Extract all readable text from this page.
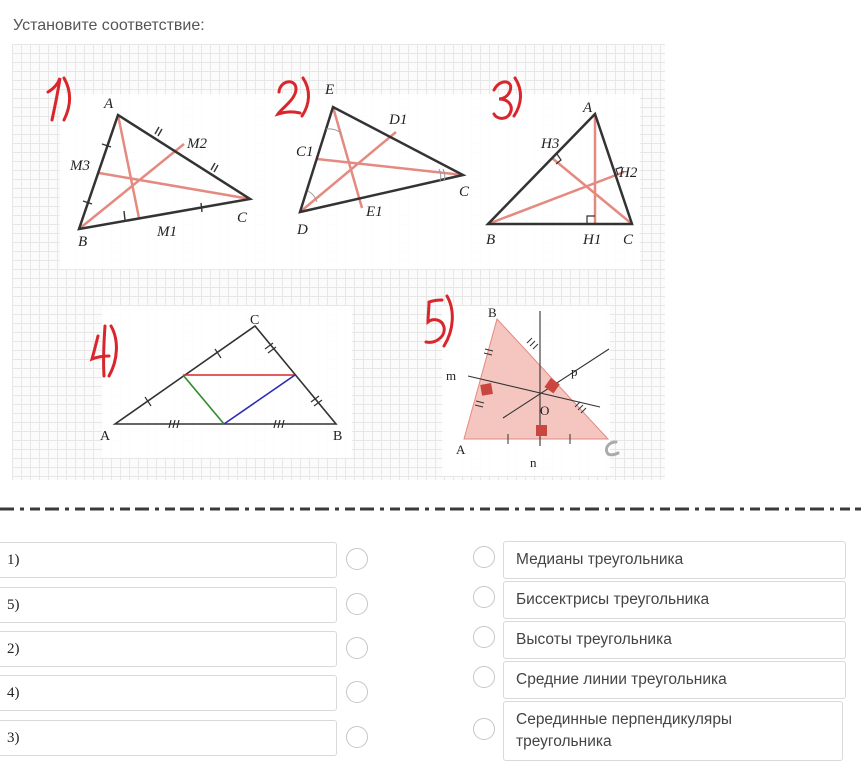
Установите соответствие:
A
M2
M3
B
M1
C
E
D1
C1
C
D
E1
A
H3
H2
B	H1 C
C
A	B
B
m	p
O
A
n
1)
5)
2)
4)
3)
Медианы треугольника
Биссектрисы треугольника
Высоты треугольника
Средние линии треугольника
Серединные перпендикуляры треугольника
